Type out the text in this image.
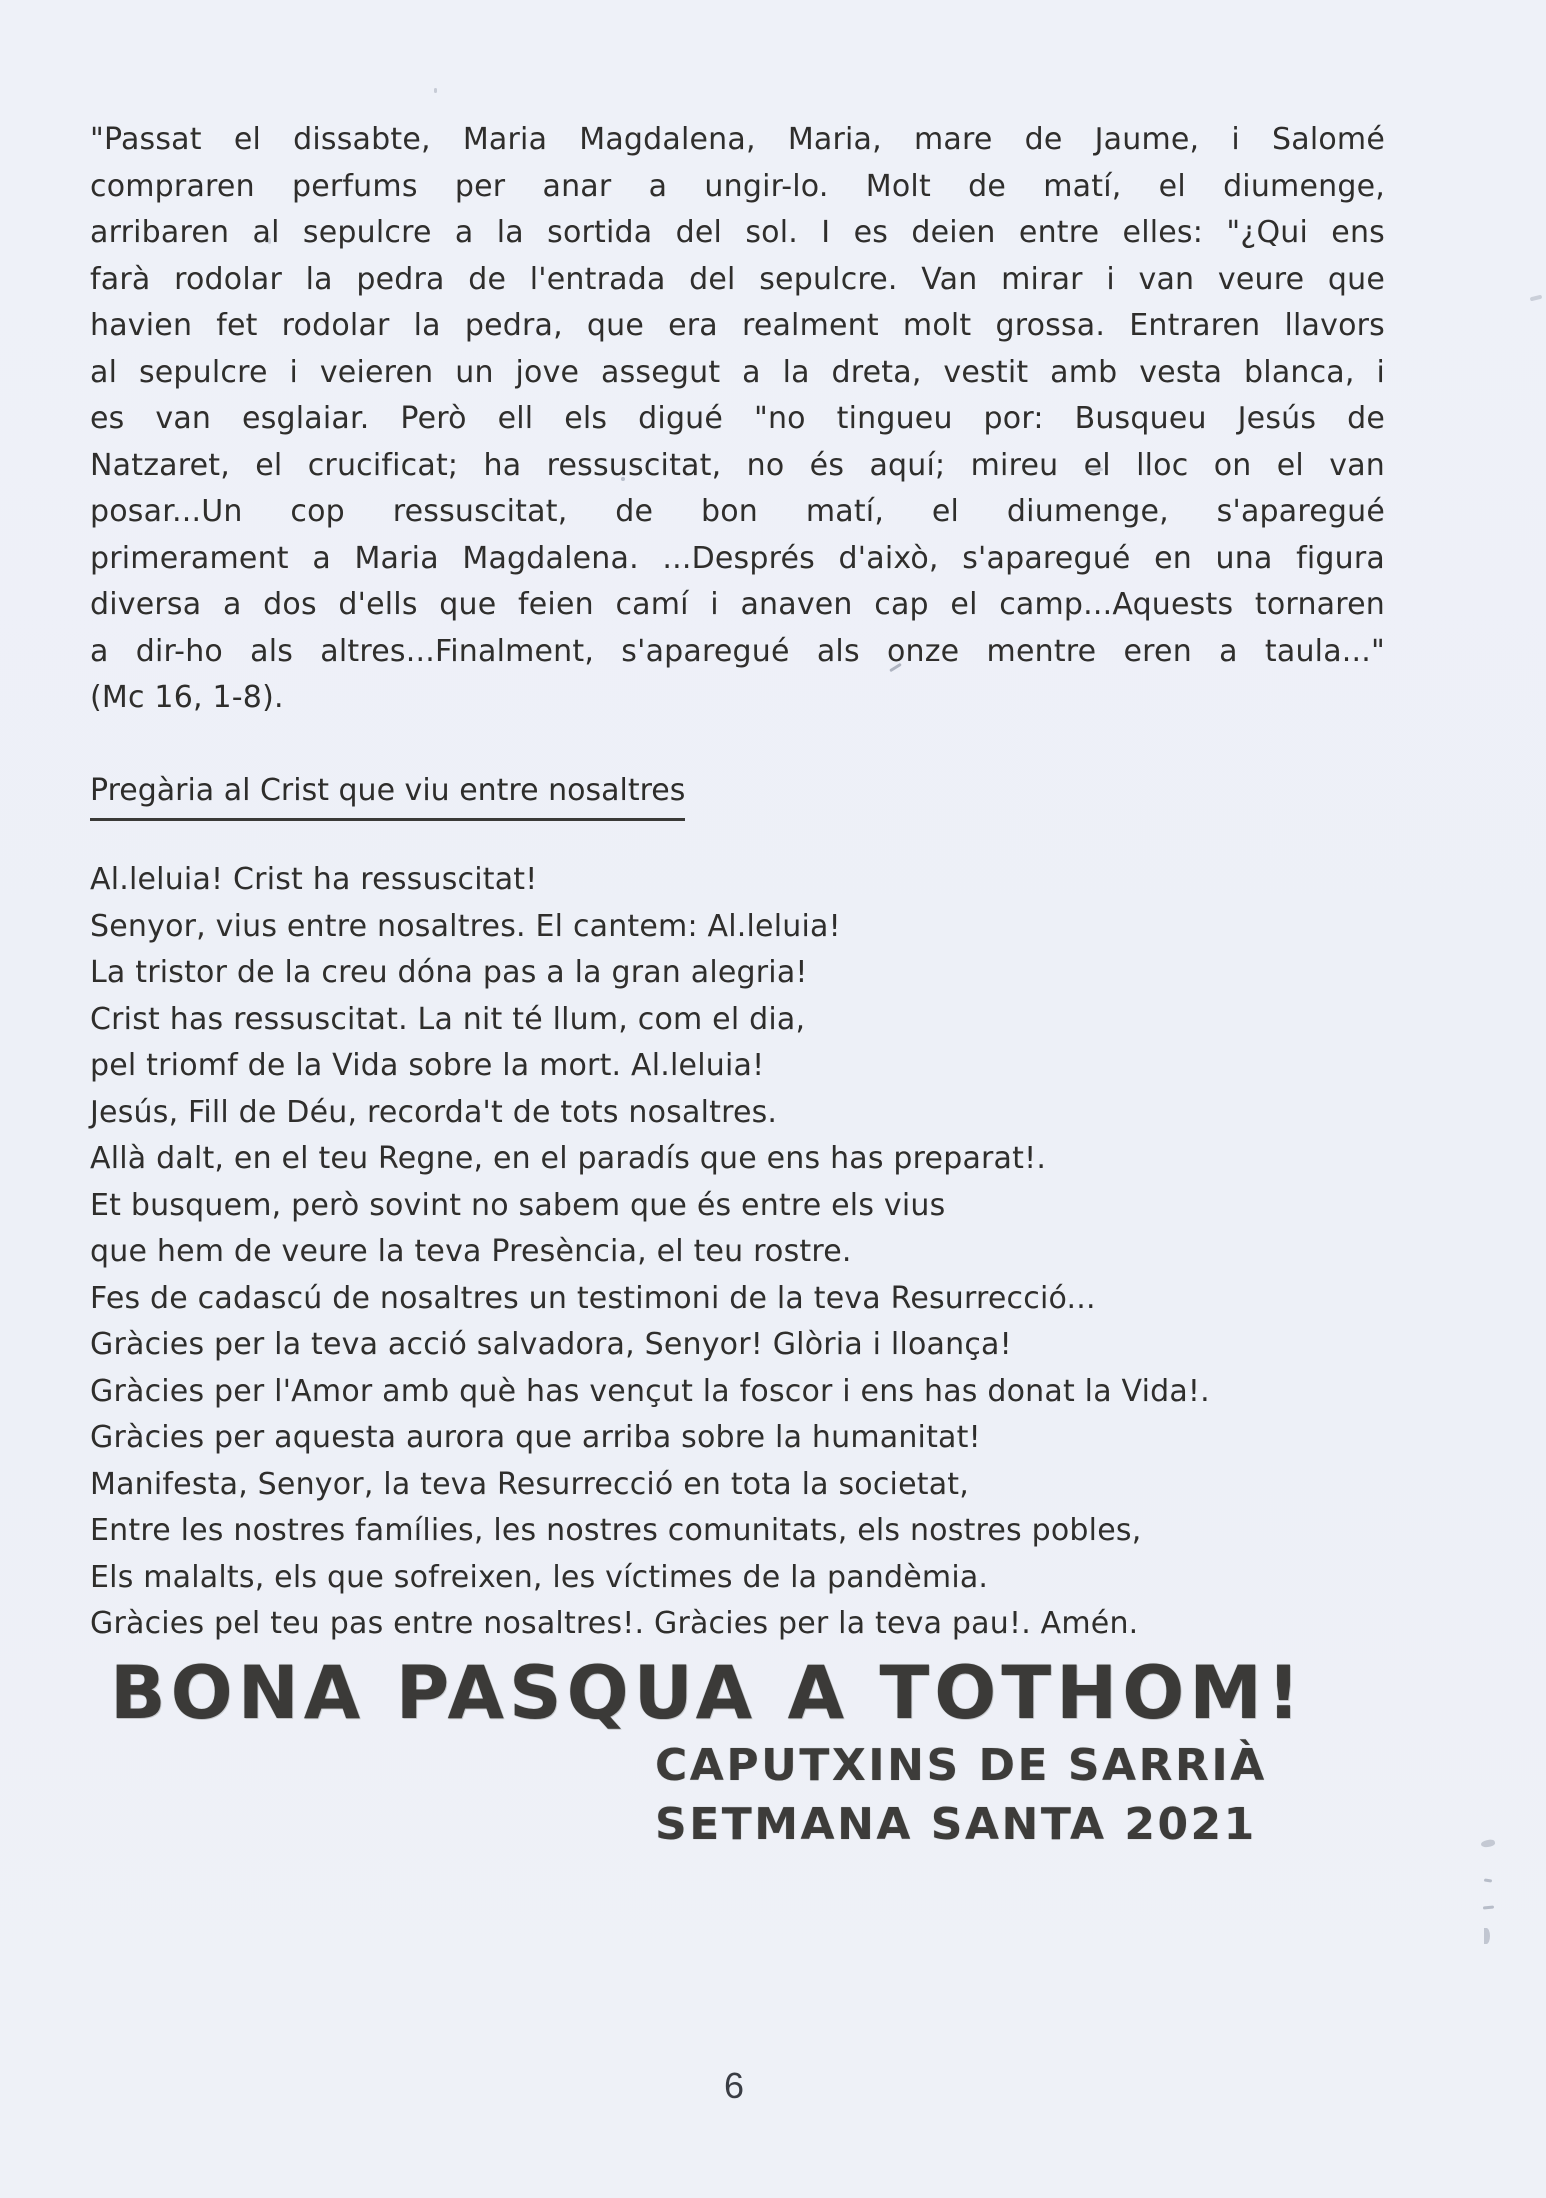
"Passat el dissabte, Maria Magdalena, Maria, mare de Jaume, i Salomé
compraren perfums per anar a ungir-lo. Molt de matí, el diumenge,
arribaren al sepulcre a la sortida del sol. I es deien entre elles: "¿Qui ens
farà rodolar la pedra de l'entrada del sepulcre. Van mirar i van veure que
havien fet rodolar la pedra, que era realment molt grossa. Entraren llavors
al sepulcre i veieren un jove assegut a la dreta, vestit amb vesta blanca, i
es van esglaiar. Però ell els digué "no tingueu por: Busqueu Jesús de
Natzaret, el crucificat; ha ressuscitat, no és aquí; mireu el lloc on el van
posar...Un cop ressuscitat, de bon matí, el diumenge, s'aparegué
primerament a Maria Magdalena. ...Després d'això, s'aparegué en una figura
diversa a dos d'ells que feien camí i anaven cap el camp...Aquests tornaren
a dir-ho als altres...Finalment, s'aparegué als onze mentre eren a taula..."
(Mc 16, 1-8).
Pregària al Crist que viu entre nosaltres
Al.leluia! Crist ha ressuscitat!
Senyor, vius entre nosaltres. El cantem: Al.leluia!
La tristor de la creu dóna pas a la gran alegria!
Crist has ressuscitat. La nit té llum, com el dia,
pel triomf de la Vida sobre la mort. Al.leluia!
Jesús, Fill de Déu, recorda't de tots nosaltres.
Allà dalt, en el teu Regne, en el paradís que ens has preparat!.
Et busquem, però sovint no sabem que és entre els vius
que hem de veure la teva Presència, el teu rostre.
Fes de cadascú de nosaltres un testimoni de la teva Resurrecció...
Gràcies per la teva acció salvadora, Senyor! Glòria i lloança!
Gràcies per l'Amor amb què has vençut la foscor i ens has donat la Vida!.
Gràcies per aquesta aurora que arriba sobre la humanitat!
Manifesta, Senyor, la teva Resurrecció en tota la societat,
Entre les nostres famílies, les nostres comunitats, els nostres pobles,
Els malalts, els que sofreixen, les víctimes de la pandèmia.
Gràcies pel teu pas entre nosaltres!. Gràcies per la teva pau!. Amén.
BONA PASQUA A TOTHOM!
CAPUTXINS DE SARRIÀ
SETMANA SANTA 2021
6
